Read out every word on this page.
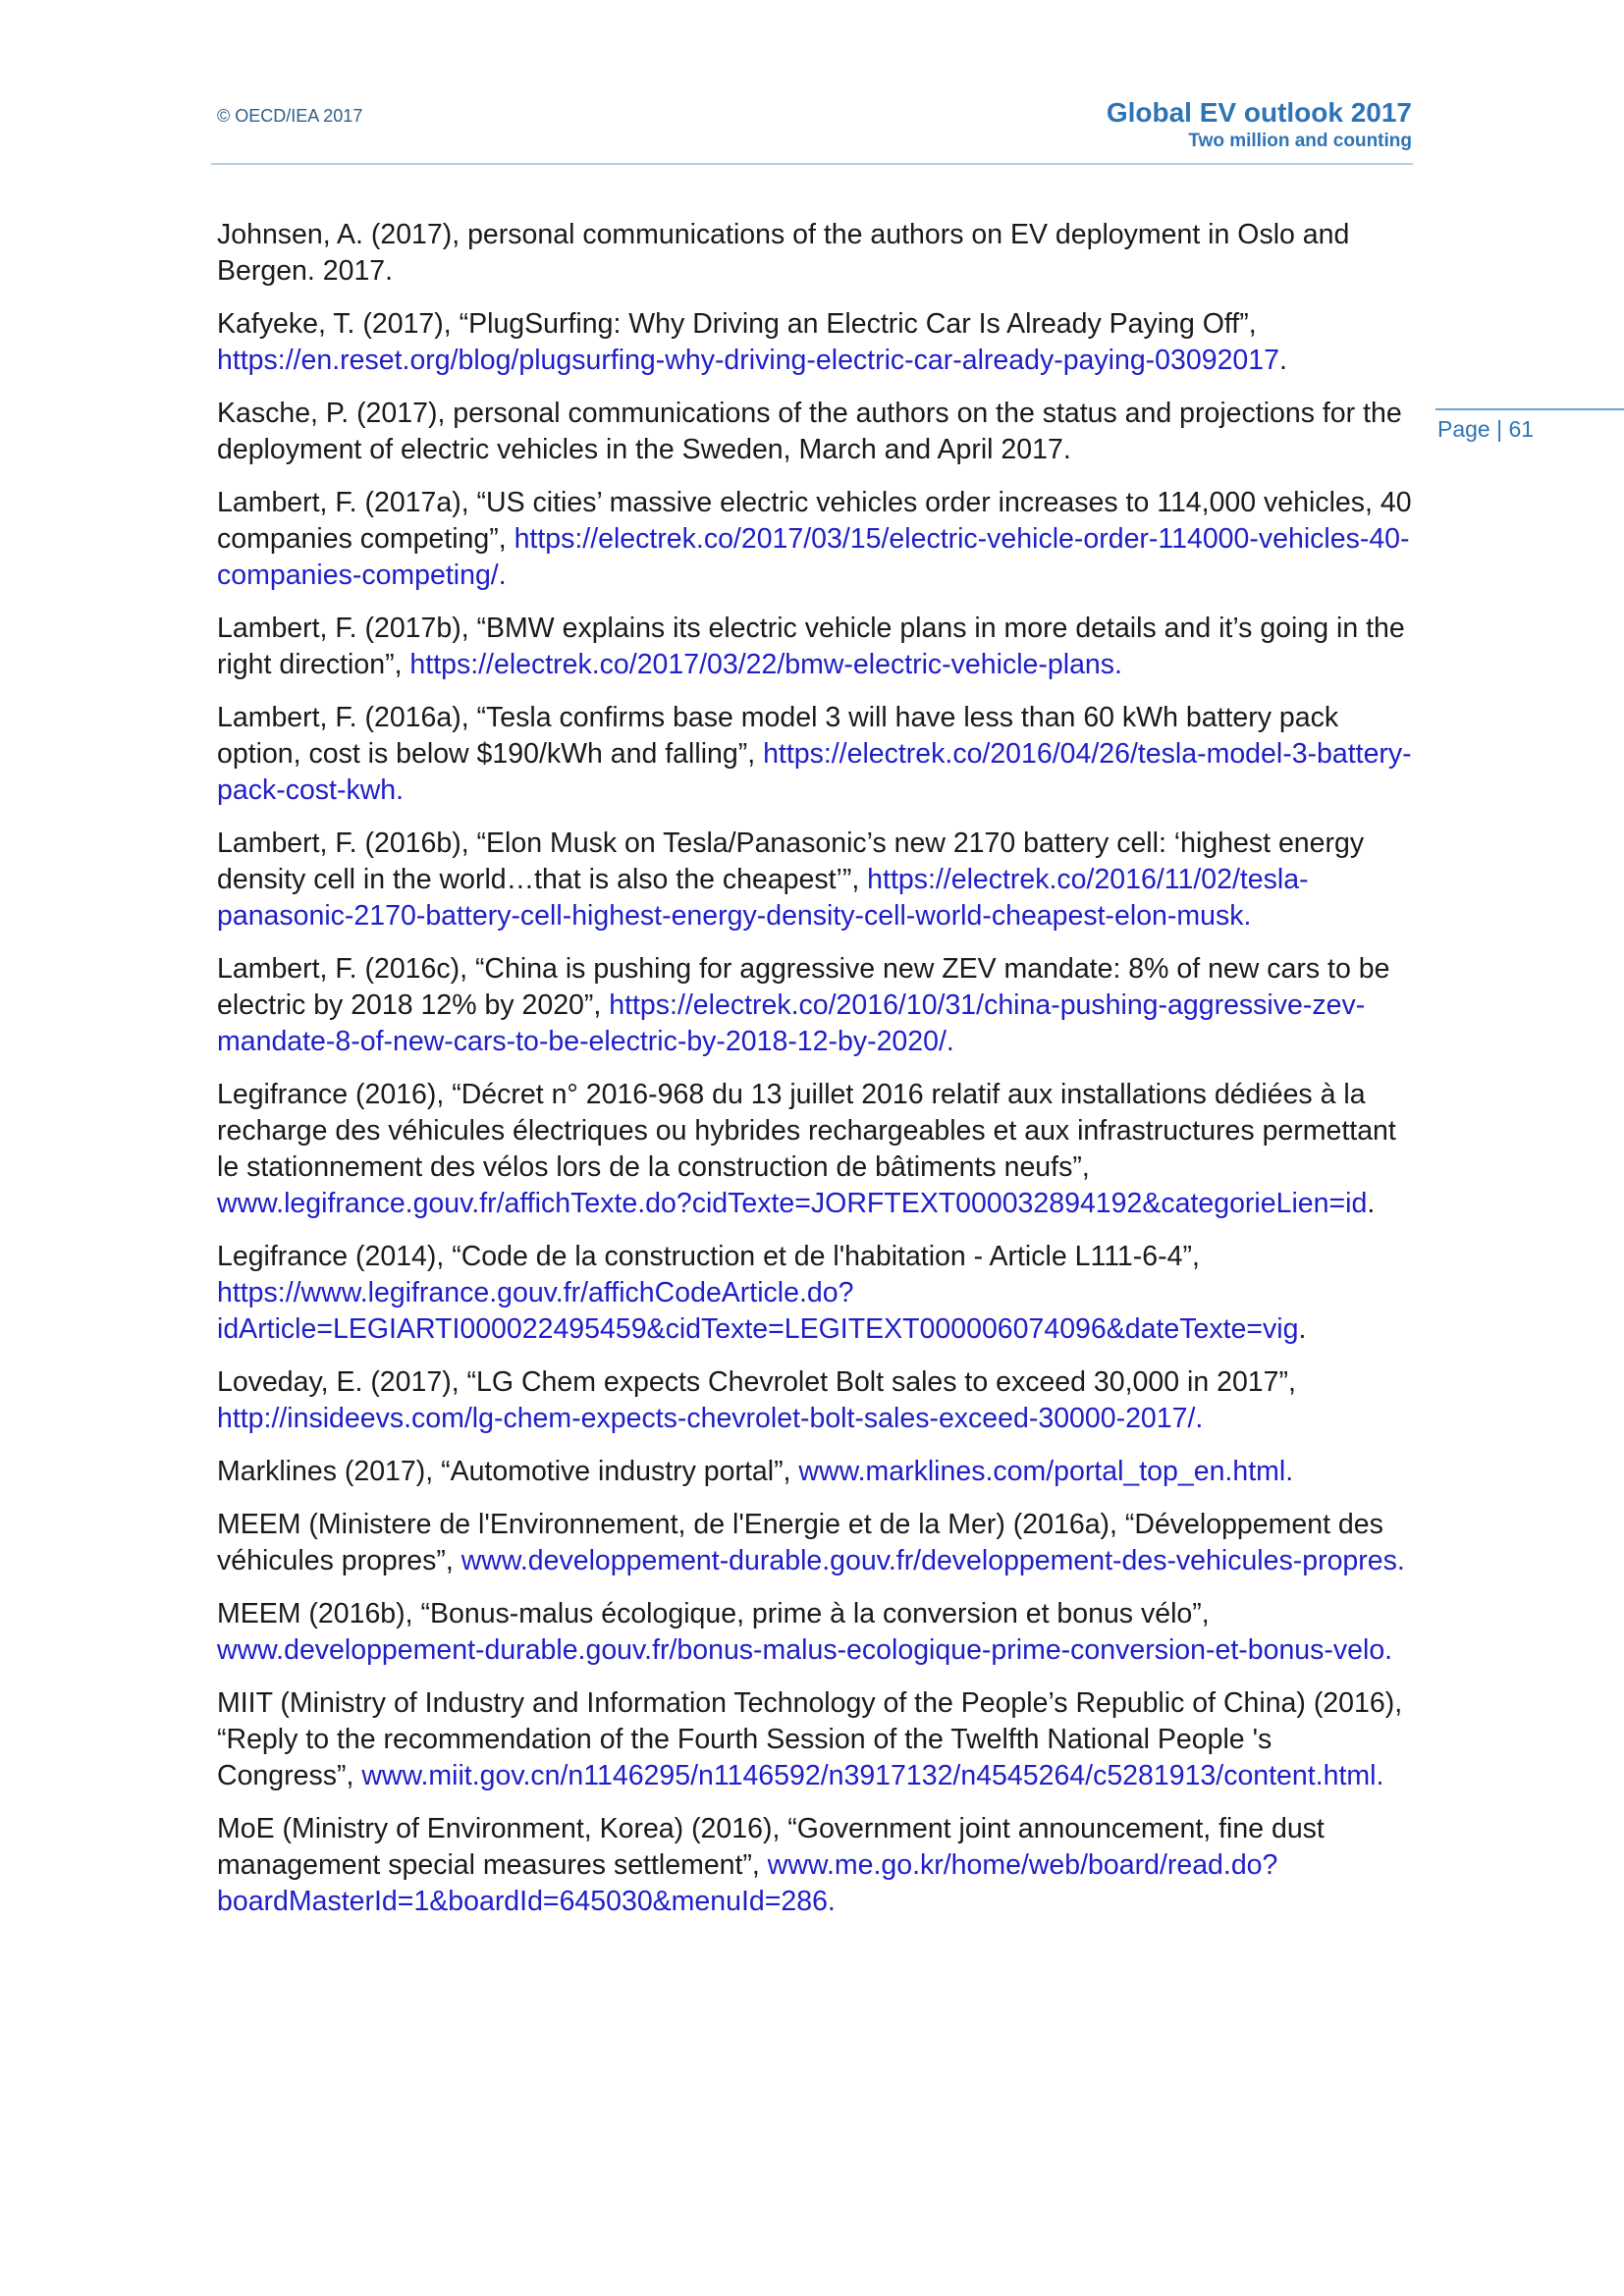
© OECD/IEA 2017	Global EV outlook 2017
Two million and counting
Page | 61

Johnsen, A. (2017), personal communications of the authors on EV deployment in Oslo and Bergen. 2017.

Kafyeke, T. (2017), “PlugSurfing: Why Driving an Electric Car Is Already Paying Off”, https://en.reset.org/blog/plugsurfing-why-driving-electric-car-already-paying-03092017.

Kasche, P. (2017), personal communications of the authors on the status and projections for the deployment of electric vehicles in the Sweden, March and April 2017.

Lambert, F. (2017a), “US cities’ massive electric vehicles order increases to 114,000 vehicles, 40 companies competing”, https://electrek.co/2017/03/15/electric-vehicle-order-114000-vehicles-40-companies-competing/.

Lambert, F. (2017b), “BMW explains its electric vehicle plans in more details and it’s going in the right direction”, https://electrek.co/2017/03/22/bmw-electric-vehicle-plans.

Lambert, F. (2016a), “Tesla confirms base model 3 will have less than 60 kWh battery pack option, cost is below $190/kWh and falling”, https://electrek.co/2016/04/26/tesla-model-3-battery-pack-cost-kwh.

Lambert, F. (2016b), “Elon Musk on Tesla/Panasonic’s new 2170 battery cell: ‘highest energy density cell in the world…that is also the cheapest’”, https://electrek.co/2016/11/02/tesla-panasonic-2170-battery-cell-highest-energy-density-cell-world-cheapest-elon-musk.

Lambert, F. (2016c), “China is pushing for aggressive new ZEV mandate: 8% of new cars to be electric by 2018 12% by 2020”, https://electrek.co/2016/10/31/china-pushing-aggressive-zev-mandate-8-of-new-cars-to-be-electric-by-2018-12-by-2020/.

Legifrance (2016), “Décret n° 2016-968 du 13 juillet 2016 relatif aux installations dédiées à la recharge des véhicules électriques ou hybrides rechargeables et aux infrastructures permettant le stationnement des vélos lors de la construction de bâtiments neufs”, www.legifrance.gouv.fr/affichTexte.do?cidTexte=JORFTEXT000032894192&categorieLien=id.

Legifrance (2014), “Code de la construction et de l'habitation - Article L111-6-4”, https://www.legifrance.gouv.fr/affichCodeArticle.do?idArticle=LEGIARTI000022495459&cidTexte=LEGITEXT000006074096&dateTexte=vig.

Loveday, E. (2017), “LG Chem expects Chevrolet Bolt sales to exceed 30,000 in 2017”, http://insideevs.com/lg-chem-expects-chevrolet-bolt-sales-exceed-30000-2017/.

Marklines (2017), “Automotive industry portal”, www.marklines.com/portal_top_en.html.

MEEM (Ministere de l'Environnement, de l'Energie et de la Mer) (2016a), “Développement des véhicules propres”, www.developpement-durable.gouv.fr/developpement-des-vehicules-propres.

MEEM (2016b), “Bonus-malus écologique, prime à la conversion et bonus vélo”, www.developpement-durable.gouv.fr/bonus-malus-ecologique-prime-conversion-et-bonus-velo.

MIIT (Ministry of Industry and Information Technology of the People’s Republic of China) (2016), “Reply to the recommendation of the Fourth Session of the Twelfth National People 's Congress”, www.miit.gov.cn/n1146295/n1146592/n3917132/n4545264/c5281913/content.html.

MoE (Ministry of Environment, Korea) (2016), “Government joint announcement, fine dust management special measures settlement”, www.me.go.kr/home/web/board/read.do?boardMasterId=1&boardId=645030&menuId=286.
